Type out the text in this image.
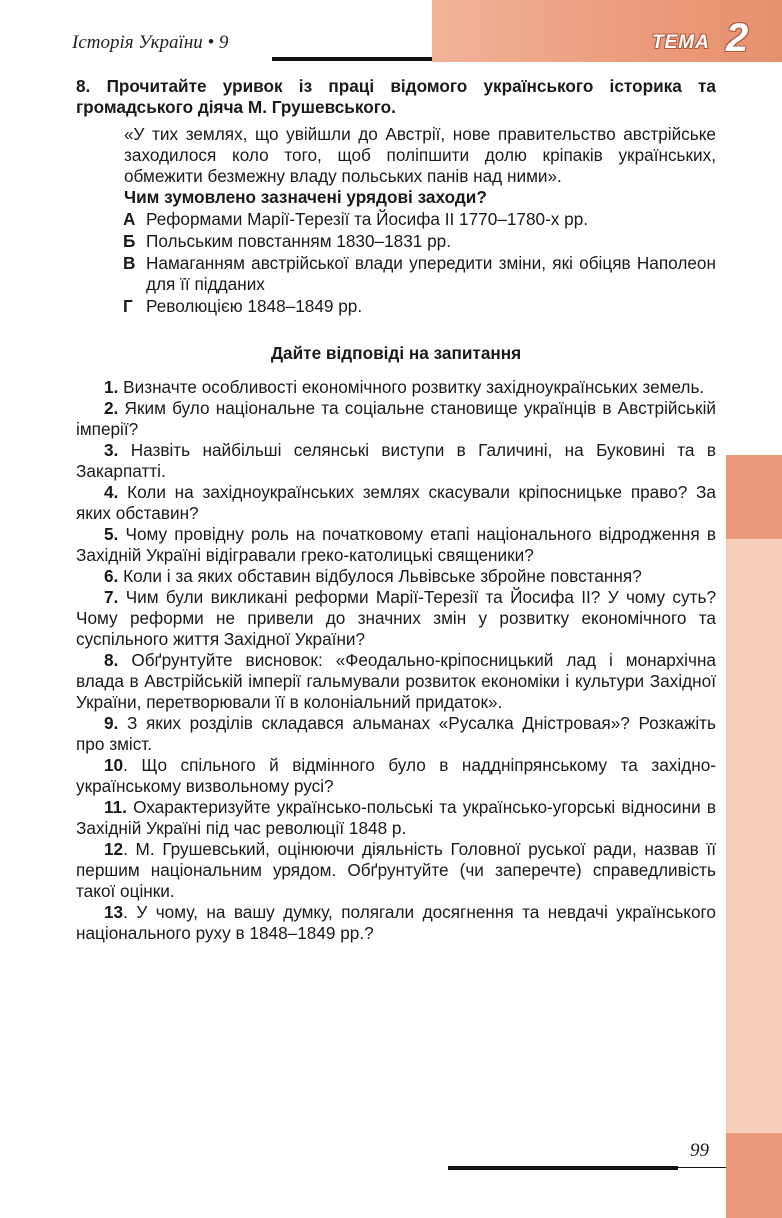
Історія України • 9	ТЕМА 2
8. Прочитайте уривок із праці відомого українського історика та громадського діяча М. Грушевського.
«У тих землях, що увійшли до Австрії, нове правительство австрійське заходилося коло того, щоб поліпшити долю кріпаків українських, обмежити безмежну владу польських панів над ними».
Чим зумовлено зазначені урядові заходи?
А Реформами Марії-Терезії та Йосифа II 1770–1780-х рр.
Б Польським повстанням 1830–1831 рр.
В Намаганням австрійської влади упередити зміни, які обіцяв Наполеон для її підданих
Г Революцією 1848–1849 рр.
Дайте відповіді на запитання
1. Визначте особливості економічного розвитку західноукраїнських земель.
2. Яким було національне та соціальне становище українців в Австрійській імперії?
3. Назвіть найбільші селянські виступи в Галичині, на Буковині та в Закарпатті.
4. Коли на західноукраїнських землях скасували кріпосницьке право? За яких обставин?
5. Чому провідну роль на початковому етапі національного відродження в Західній Україні відігравали греко-католицькі священики?
6. Коли і за яких обставин відбулося Львівське збройне повстання?
7. Чим були викликані реформи Марії-Терезії та Йосифа II? У чому суть? Чому реформи не привели до значних змін у розвитку економічного та суспільного життя Західної України?
8. Обґрунтуйте висновок: «Феодально-кріпосницький лад і монархічна влада в Австрійській імперії гальмували розвиток економіки і культури Західної України, перетворювали її в колоніальний придаток».
9. З яких розділів складався альманах «Русалка Дністровая»? Розкажіть про зміст.
10. Що спільного й відмінного було в наддніпрянському та західноукраїнському визвольному русі?
11. Охарактеризуйте українсько-польські та українсько-угорські відносини в Західній Україні під час революції 1848 р.
12. М. Грушевський, оцінюючи діяльність Головної руської ради, назвав її першим національним урядом. Обґрунтуйте (чи заперечте) справедливість такої оцінки.
13. У чому, на вашу думку, полягали досягнення та невдачі українського національного руху в 1848–1849 рр.?
99
